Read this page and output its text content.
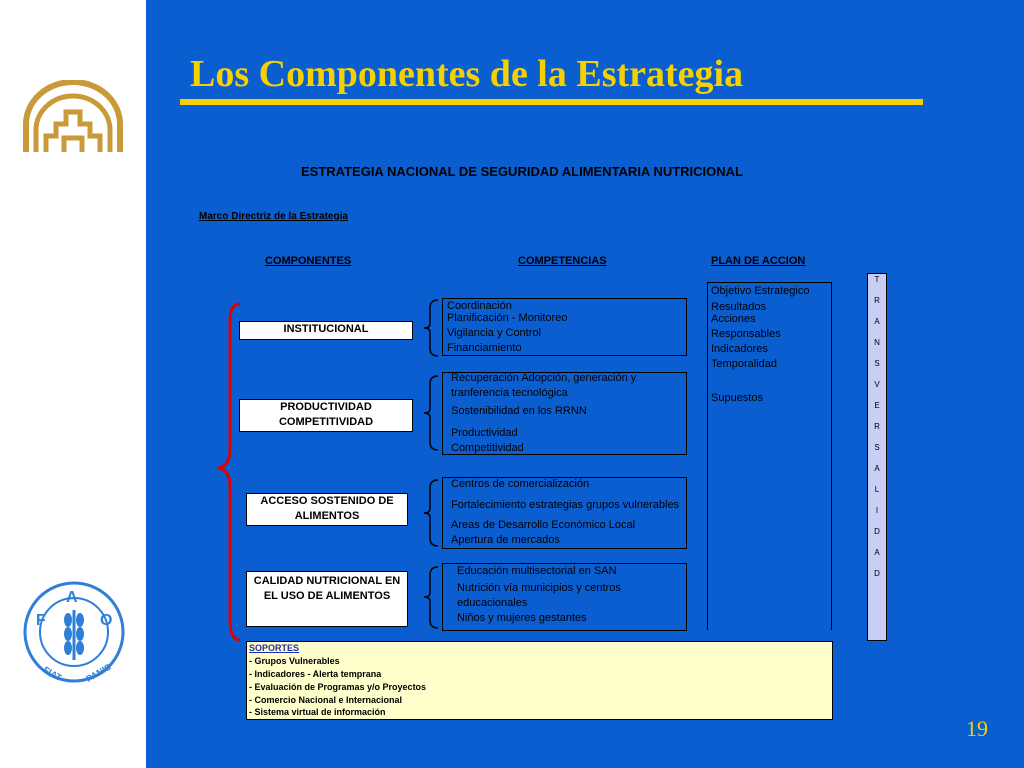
F
A
O
FIAT PANIS
Los Componentes de la Estrategia
ESTRATEGIA NACIONAL DE SEGURIDAD ALIMENTARIA NUTRICIONAL
Marco Directriz de la Estrategia
COMPONENTES	COMPETENCIAS	PLAN DE ACCION
INSTITUCIONAL
PRODUCTIVIDAD
COMPETITIVIDAD
ACCESO SOSTENIDO DE
ALIMENTOS
CALIDAD NUTRICIONAL EN
EL USO DE ALIMENTOS
Coordinación
Planificación - Monitoreo
Vigilancia y Control
Financiamiento
Recuperación Adopción, generación y
tranferencia tecnológica
Sostenibilidad en los RRNN
Productividad
Competitividad
Centros de comercialización
Fortalecimiento estrategias grupos vulnerables
Areas de Desarrollo Económico Local
Apertura de mercados
Educación multisectorial en SAN
Nutrición vía municipios y centros
educacionales
Niños y mujeres gestantes
Objetivo Estrategico
Resultados
Acciones
Responsables
Indicadores
Temporalidad
Supuestos
T
R
A
N
S
V
E
R
S
A
L
I
D
A
D
SOPORTES
- Grupos Vulnerables
- Indicadores - Alerta temprana
- Evaluación de Programas y/o Proyectos
- Comercio Nacional e Internacional
- Sistema virtual de información
19
